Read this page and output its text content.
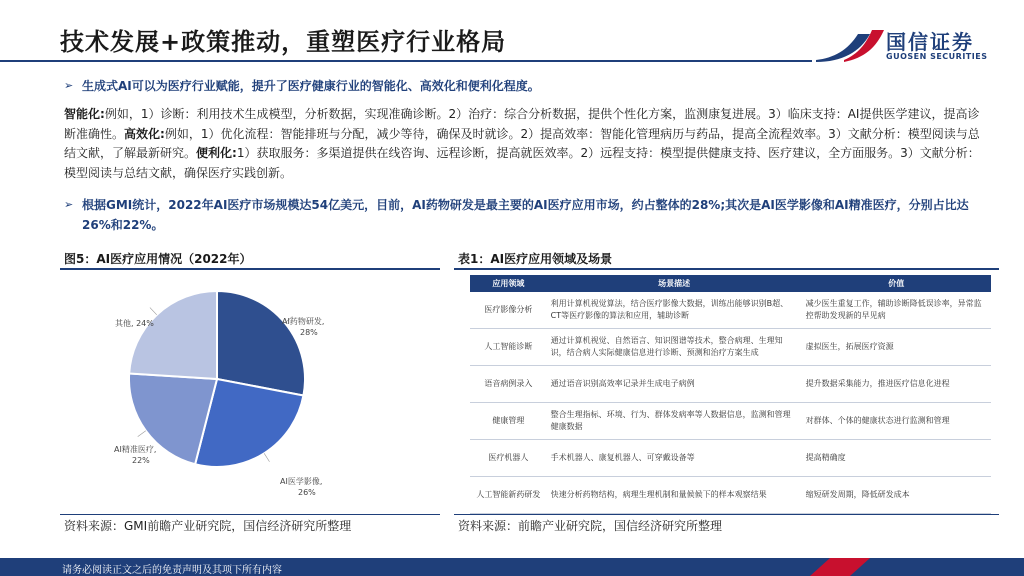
技术发展+政策推动，重塑医疗行业格局	国信证券
GUOSEN SECURITIES
➢ 生成式AI可以为医疗行业赋能，提升了医疗健康行业的智能化、高效化和便利化程度。
智能化:例如，1）诊断：利用技术生成模型，分析数据，实现准确诊断。2）治疗：综合分析数据，提供个性化方案，监测康复进展。3）临床支持：AI提供医学建议，提高诊断准确性。高效化:例如，1）优化流程：智能排班与分配，减少等待，确保及时就诊。2）提高效率：智能化管理病历与药品，提高全流程效率。3）文献分析：模型阅读与总结文献，了解最新研究。便利化:1）获取服务：多渠道提供在线咨询、远程诊断，提高就医效率。2）远程支持：模型提供健康支持、医疗建议，全方面服务。3）文献分析：模型阅读与总结文献，确保医疗实践创新。
➢ 根据GMI统计，2022年AI医疗市场规模达54亿美元，目前，AI药物研发是最主要的AI医疗应用市场，约占整体的28%;其次是AI医学影像和AI精准医疗，分别占比达26%和22%。
图5：AI医疗应用情况（2022年）
AI药物研发,
28%
AI医学影像,
26%
AI精准医疗,
22%
其他, 24%
资料来源：GMI前瞻产业研究院，国信经济研究所整理
表1：AI医疗应用领域及场景
应用领域	场景描述	价值
医疗影像分析	利用计算机视觉算法，结合医疗影像大数据，训练出能够识别B超、CT等医疗影像的算法和应用，辅助诊断	减少医生重复工作，辅助诊断降低误诊率，异常监控帮助发现新的早见病
人工智能诊断	通过计算机视觉、自然语言、知识图谱等技术，整合病理、生理知识，结合病人实际健康信息进行诊断、预测和治疗方案生成	虚拟医生，拓展医疗资源
语音病例录入	通过语音识别高效率记录并生成电子病例	提升数据采集能力，推进医疗信息化进程
健康管理	整合生理指标、环境、行为、群体发病率等人数据信息，监测和管理健康数据	对群体、个体的健康状态进行监测和管理
医疗机器人	手术机器人、康复机器人、可穿戴设备等	提高精确度
人工智能新药研发	快速分析药物结构，病理生理机制和量候候下的样本观察结果	缩短研发周期，降低研发成本
资料来源：前瞻产业研究院，国信经济研究所整理
请务必阅读正文之后的免责声明及其项下所有内容
